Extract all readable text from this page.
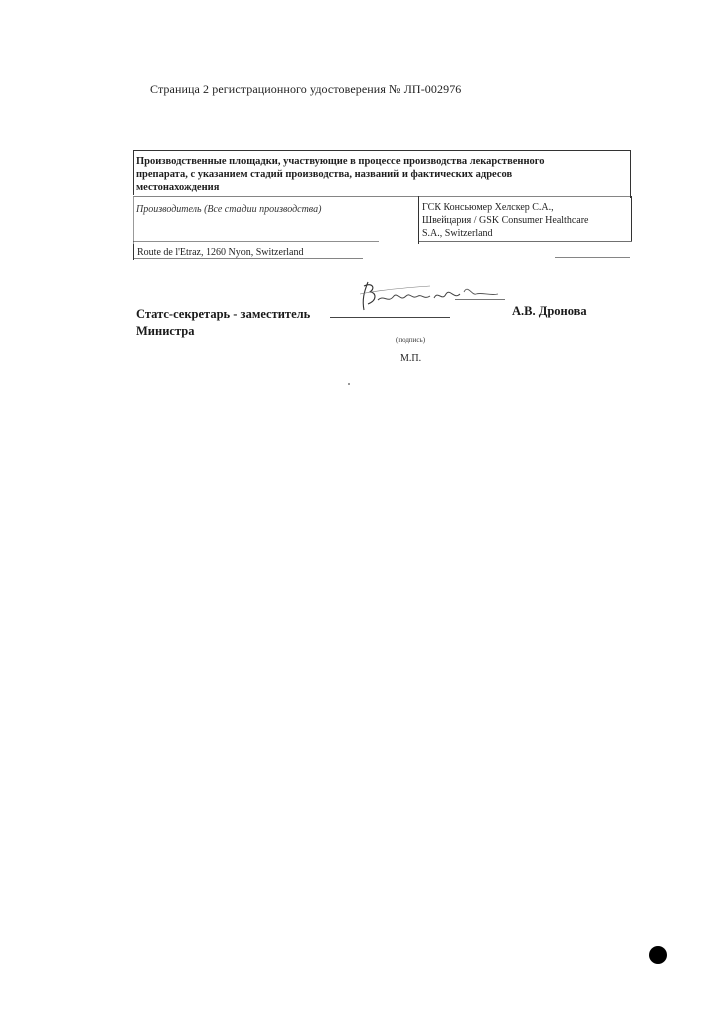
Страница 2 регистрационного удостоверения № ЛП-002976
Производственные площадки, участвующие в процессе производства лекарственного
препарата, с указанием стадий производства, названий и фактических адресов
местонахождения
Производитель (Все стадии производства)	ГСК Консьюмер Хелскер С.А.,
Швейцария / GSK Consumer Healthcare
S.A., Switzerland
Route de l'Etraz, 1260 Nyon, Switzerland
Статс-секретарь - заместитель
Министра
А.В. Дронова
(подпись)
М.П.
